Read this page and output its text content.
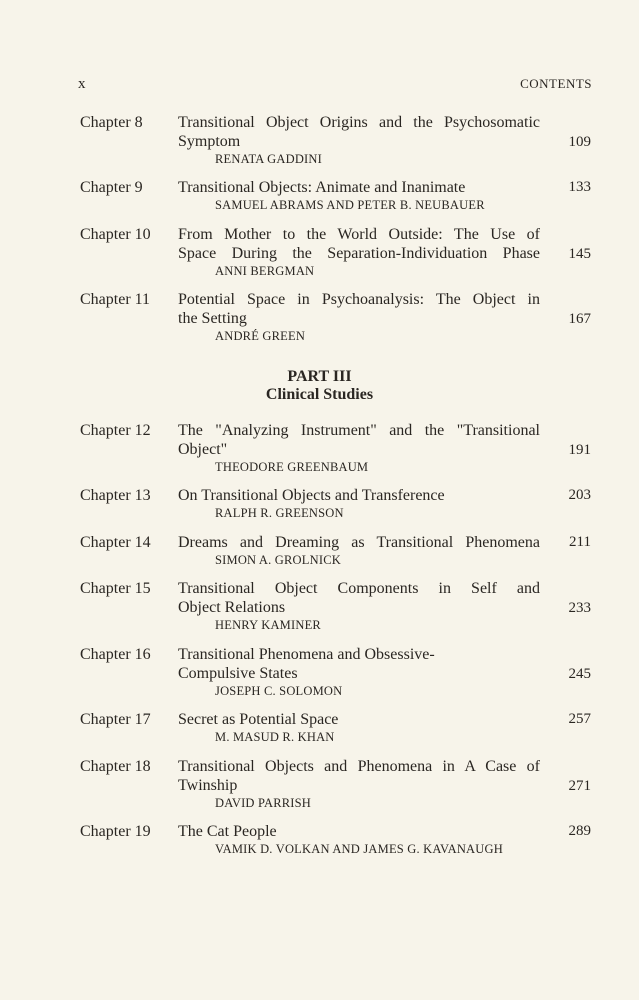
x	CONTENTS
Chapter 8 Transitional Object Origins and the Psychosomatic
Symptom
RENATA GADDINI
109
Chapter 9 Transitional Objects: Animate and Inanimate
SAMUEL ABRAMS AND PETER B. NEUBAUER
133
Chapter 10 From Mother to the World Outside: The Use of
Space During the Separation-Individuation Phase
ANNI BERGMAN
145
Chapter 11 Potential Space in Psychoanalysis: The Object in
the Setting
ANDRÉ GREEN
167
PART III
Clinical Studies
Chapter 12 The "Analyzing Instrument" and the "Transitional
Object"
THEODORE GREENBAUM
191
Chapter 13 On Transitional Objects and Transference
RALPH R. GREENSON
203
Chapter 14 Dreams and Dreaming as Transitional Phenomena
SIMON A. GROLNICK
211
Chapter 15 Transitional Object Components in Self and
Object Relations
HENRY KAMINER
233
Chapter 16 Transitional Phenomena and Obsessive-
Compulsive States
JOSEPH C. SOLOMON
245
Chapter 17 Secret as Potential Space
M. MASUD R. KHAN
257
Chapter 18 Transitional Objects and Phenomena in A Case of
Twinship
DAVID PARRISH
271
Chapter 19 The Cat People
VAMIK D. VOLKAN AND JAMES G. KAVANAUGH
289
